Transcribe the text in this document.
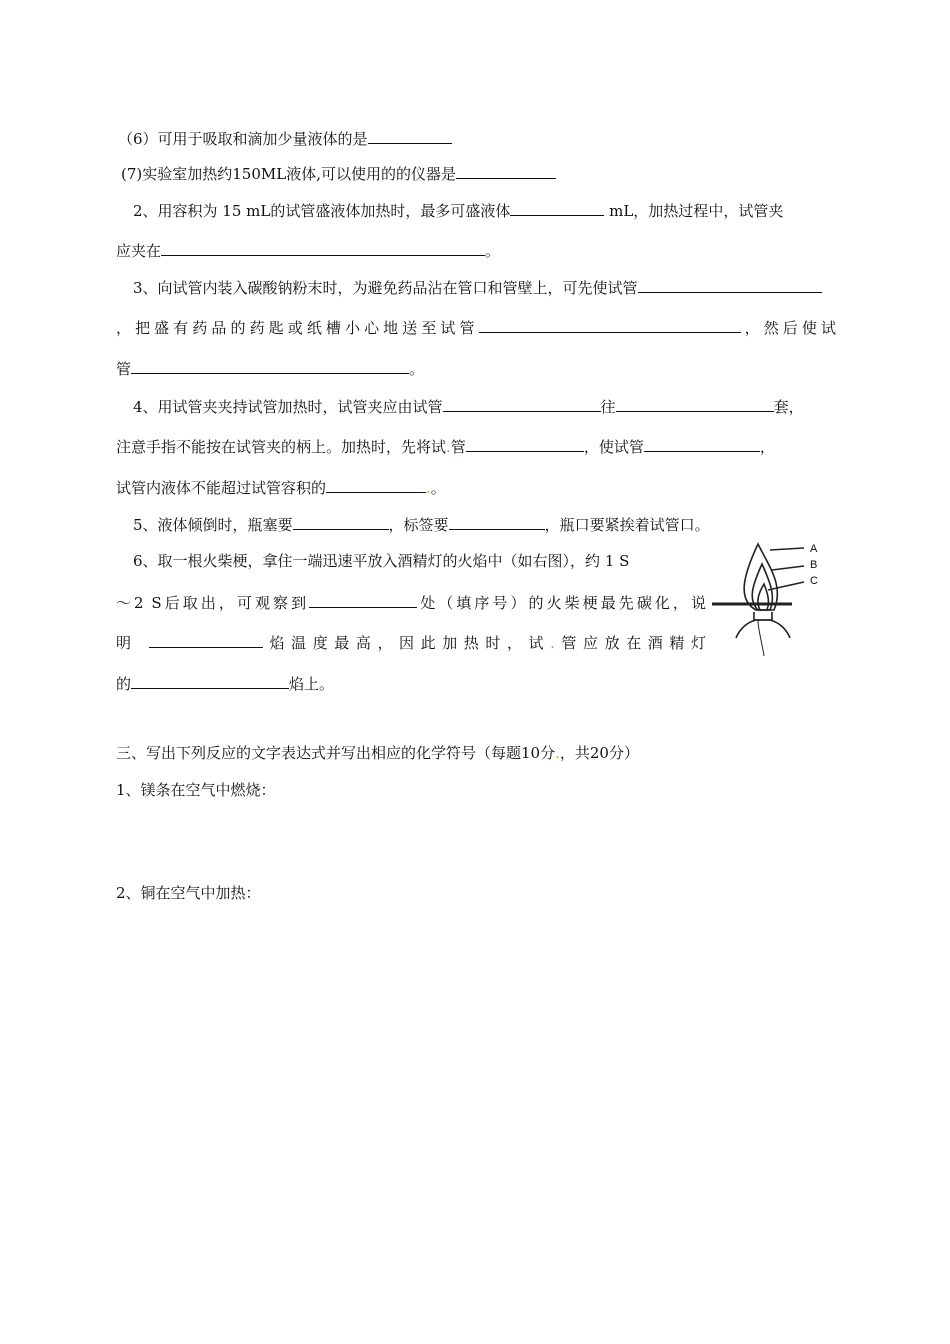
（6）可用于吸取和滴加少量液体的是
(7)实验室加热约150ML液体,可以使用的的仪器是
2、用容积为 15 mL的试管盛液体加热时，最多可盛液体	mL，加热过程中，试管夹
应夹在	。
3、向试管内装入碳酸钠粉末时，为避免药品沾在管口和管壁上，可先使试管
，把盛有药品的药匙或纸槽小心地送至试管	，然后使试
管	。
4、用试管夹夹持试管加热时，试管夹应由试管	往	套，
注意手指不能按在试管夹的柄上。加热时，先将试.管	，使试管	，
试管内液体不能超过试管容积的	.。
5、液体倾倒时，瓶塞要	，标签要	，瓶口要紧挨着试管口。
6、取一根火柴梗，拿住一端迅速平放入酒精灯的火焰中（如右图），约 1 S
～2 S后取出，可观察到	处（填序号）的火柴梗最先碳化，说
明	焰温度最高，因此加热时，试.管应放在酒精灯
的	焰上。
A
B
C
三、写出下列反应的文字表达式并写出相应的化学符号（每题10分.，共20分）
1、镁条在空气中燃烧：
2、铜在空气中加热：
